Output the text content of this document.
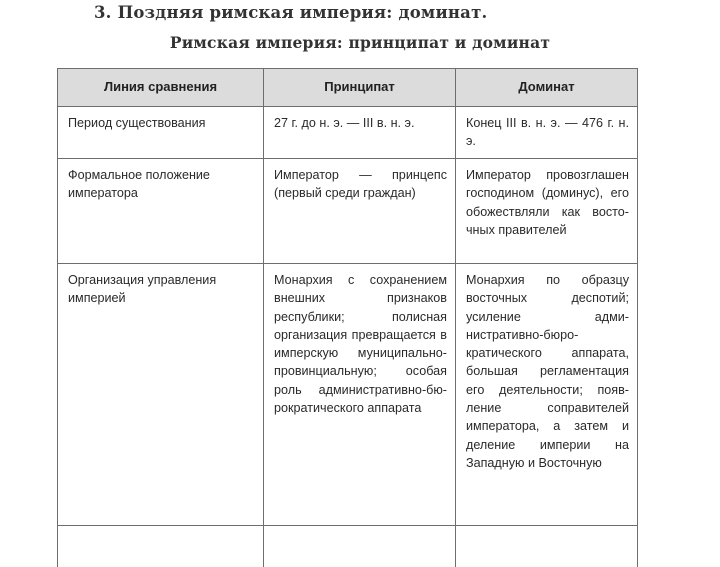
3. Поздняя римская империя: доминат.
Римская империя: принципат и доминат
Линия сравнения	Принципат	Доминат
Период существования	27 г. до н. э. — III в. н. э.	Конец III в. н. э. — 476 г. н. э.
Формальное положение императора	Император — принцепс (первый среди граждан)	Император провозглашен господином (доминус), его обожествляли как восточных правителей
Организация управления империей	Монархия с сохранением внешних признаков республики; полисная организация превращается в имперскую муниципально-провинциальную; особая роль административно-бюрократического аппарата	Монархия по образцу восточных деспотий; усиление административно-бюрократического аппарата, большая регламентация его деятельности; появление соправителей императора, а затем и деление империи на Западную и Восточную
